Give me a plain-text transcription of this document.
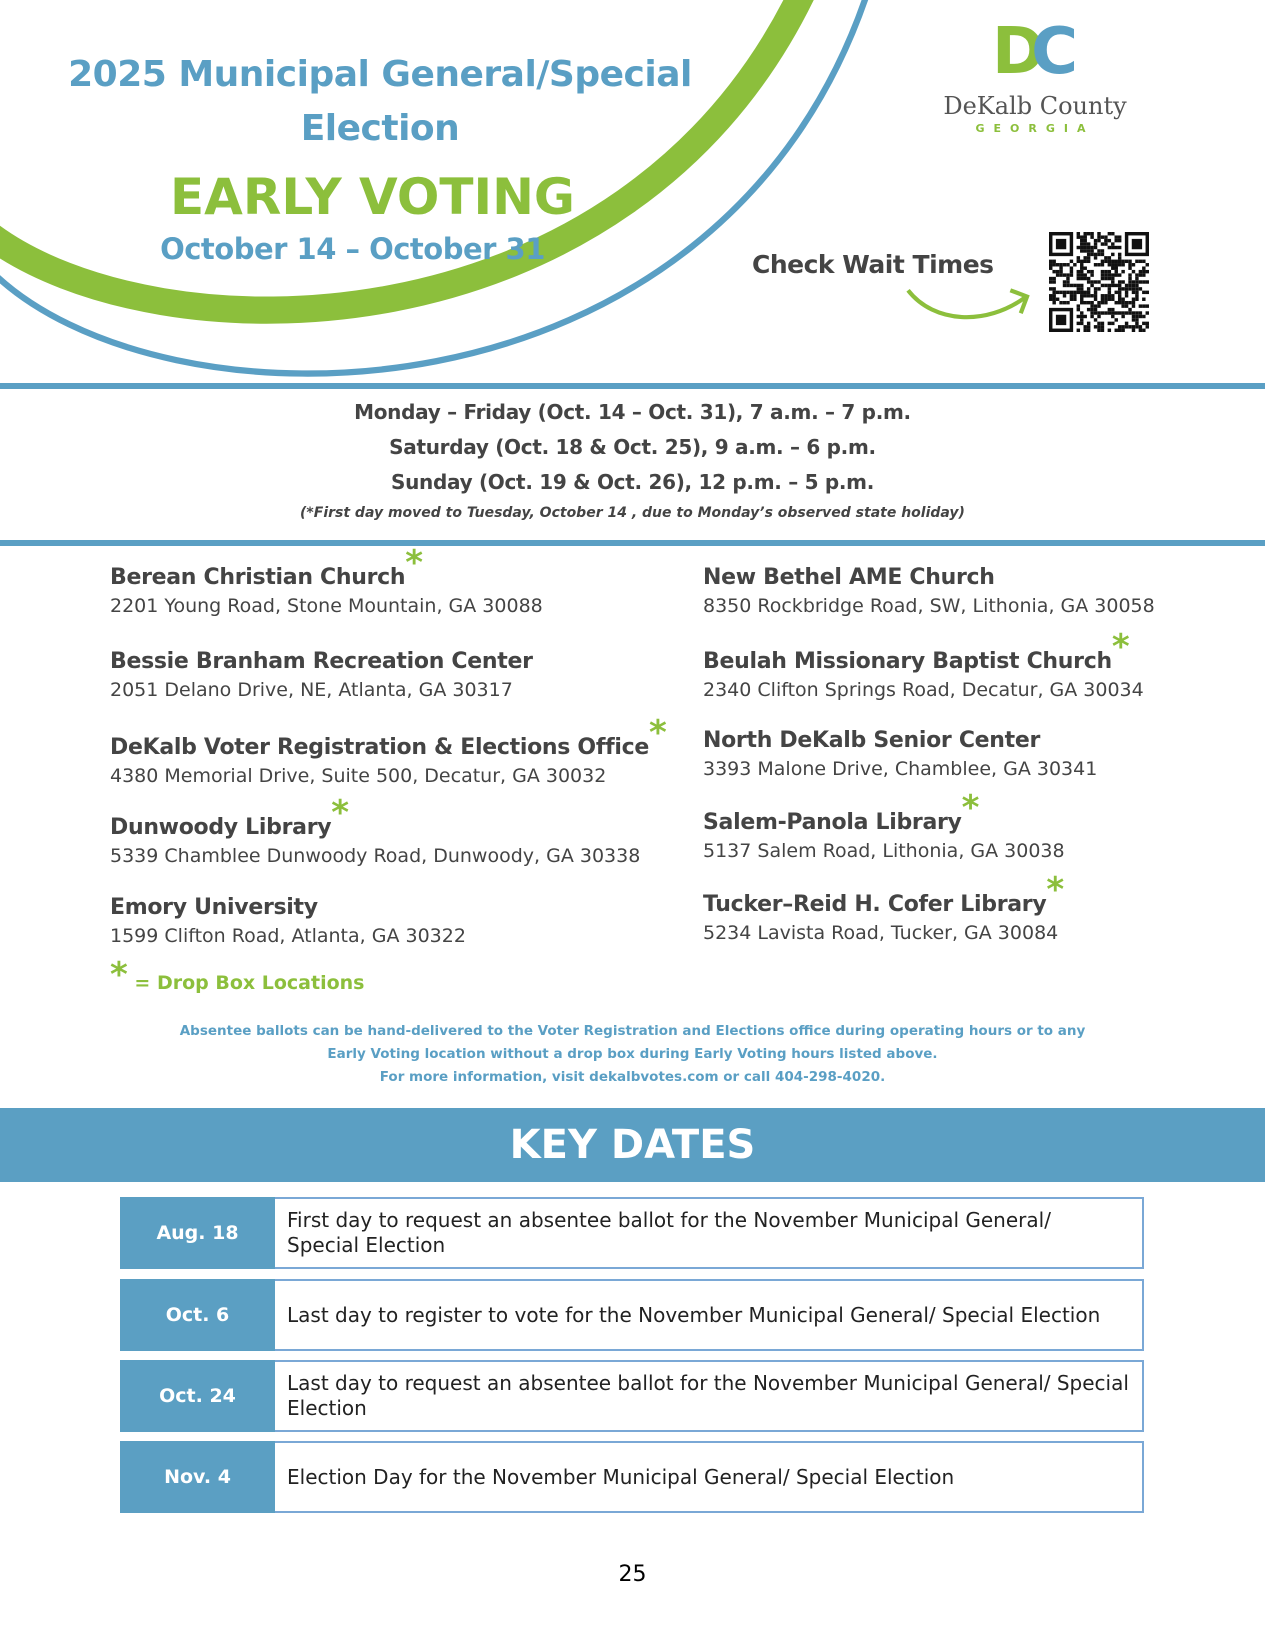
2025 Municipal General/Special
Election
EARLY VOTING
October 14 – October 31
DC
DeKalb County
GEORGIA
Check Wait Times
Monday – Friday (Oct. 14 – Oct. 31), 7 a.m. – 7 p.m.
Saturday (Oct. 18 & Oct. 25), 9 a.m. – 6 p.m.
Sunday (Oct. 19 & Oct. 26), 12 p.m. – 5 p.m.
(*First day moved to Tuesday, October 14 , due to Monday’s observed state holiday)
Berean Christian Church*
2201 Young Road, Stone Mountain, GA 30088
Bessie Branham Recreation Center
2051 Delano Drive, NE, Atlanta, GA 30317
DeKalb Voter Registration & Elections Office*
4380 Memorial Drive, Suite 500, Decatur, GA 30032
Dunwoody Library*
5339 Chamblee Dunwoody Road, Dunwoody, GA 30338
Emory University
1599 Clifton Road, Atlanta, GA 30322
New Bethel AME Church
8350 Rockbridge Road, SW, Lithonia, GA 30058
Beulah Missionary Baptist Church*
2340 Clifton Springs Road, Decatur, GA 30034
North DeKalb Senior Center
3393 Malone Drive, Chamblee, GA 30341
Salem-Panola Library*
5137 Salem Road, Lithonia, GA 30038
Tucker–Reid H. Cofer Library*
5234 Lavista Road, Tucker, GA 30084
* = Drop Box Locations
Absentee ballots can be hand-delivered to the Voter Registration and Elections office during operating hours or to any
Early Voting location without a drop box during Early Voting hours listed above.
For more information, visit dekalbvotes.com or call 404-298-4020.
KEY DATES
Aug. 18
First day to request an absentee ballot for the November Municipal General/ Special Election
Oct. 6	Last day to register to vote for the November Municipal General/ Special Election
Oct. 24
Last day to request an absentee ballot for the November Municipal General/ Special Election
Nov. 4	Election Day for the November Municipal General/ Special Election
25
